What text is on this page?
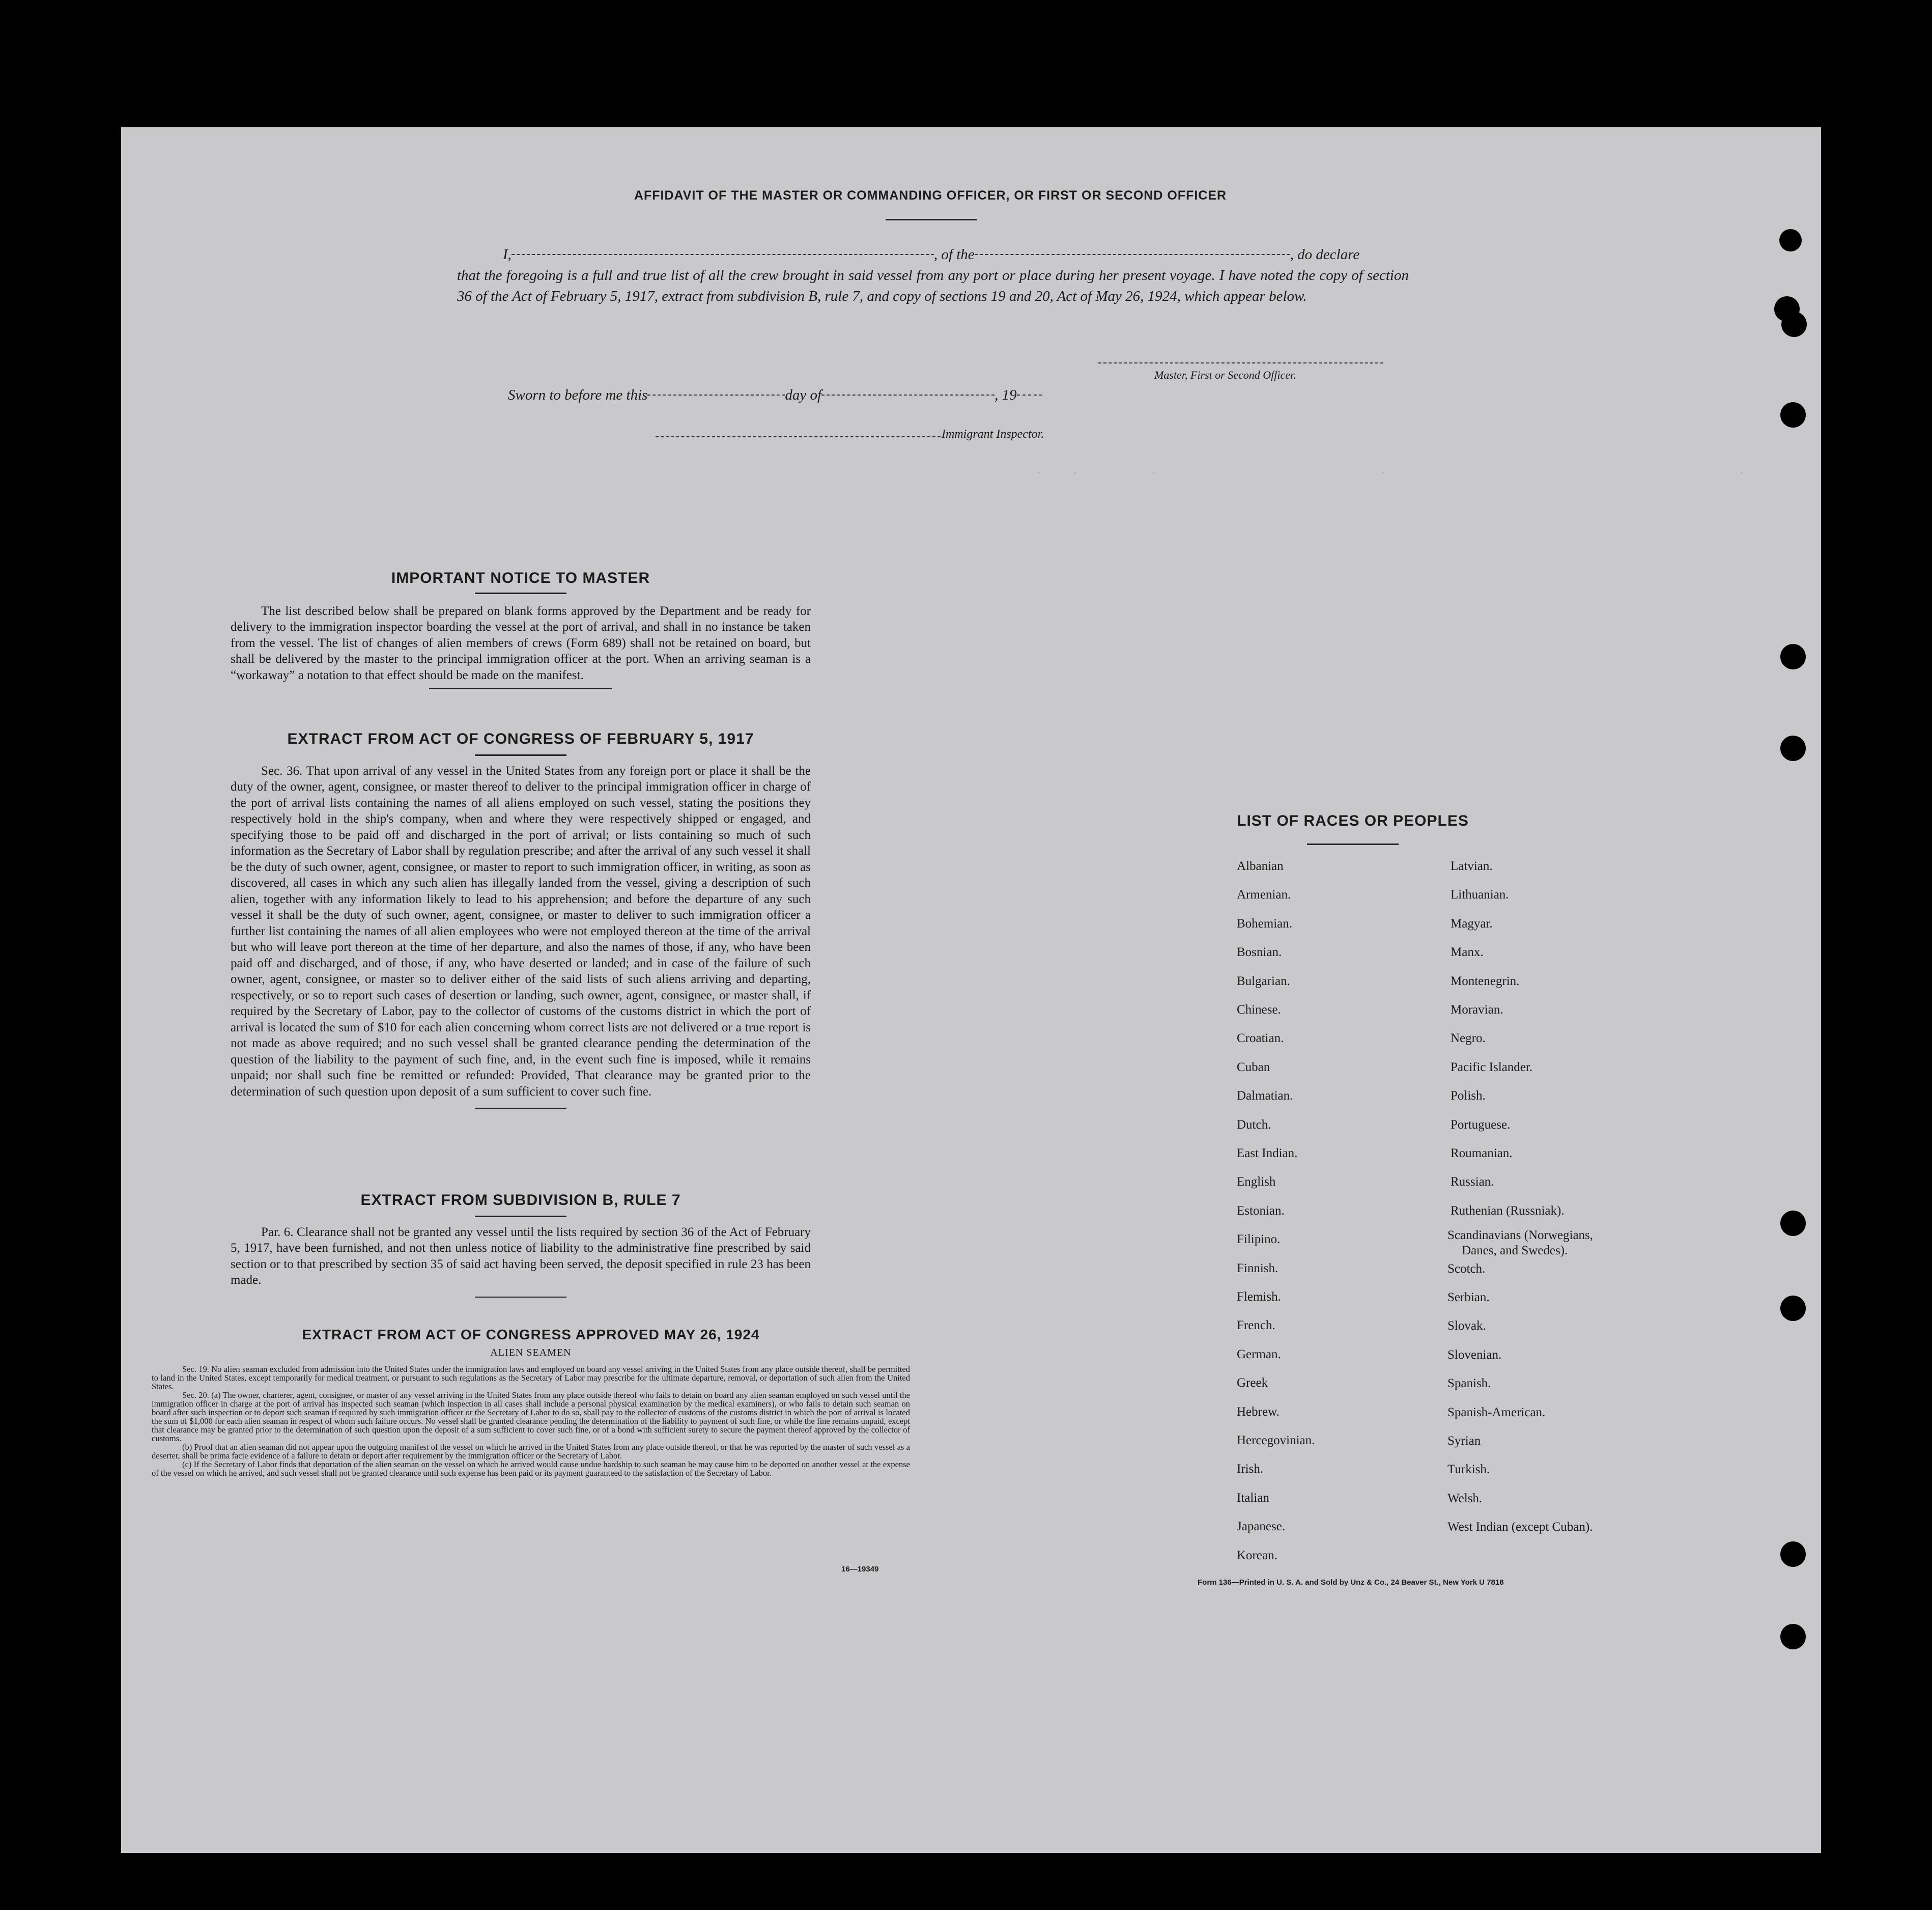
.            .                           .                                                                                 .                                                                                                                               .
AFFIDAVIT OF THE MASTER OR COMMANDING OFFICER, OR FIRST OR SECOND OFFICER
I,	, of the	, do declare
that the foregoing is a full and true list of all the crew brought in said vessel from any port or place during her present voyage. I have noted the copy of section 36 of the Act of February 5, 1917, extract from subdivision B, rule 7, and copy of sections 19 and 20, Act of May 26, 1924, which appear below.
Master, First or Second Officer.
Sworn to before me this	day of	, 19
Immigrant Inspector.
IMPORTANT NOTICE TO MASTER
The list described below shall be prepared on blank forms approved by the Department and be ready for delivery to the immigration inspector boarding the vessel at the port of arrival, and shall in no instance be taken from the vessel. The list of changes of alien members of crews (Form 689) shall not be retained on board, but shall be delivered by the master to the principal immigration officer at the port. When an arriving seaman is a “workaway” a notation to that effect should be made on the manifest.
EXTRACT FROM ACT OF CONGRESS OF FEBRUARY 5, 1917
Sec. 36. That upon arrival of any vessel in the United States from any foreign port or place it shall be the duty of the owner, agent, consignee, or master thereof to deliver to the principal immigration officer in charge of the port of arrival lists containing the names of all aliens employed on such vessel, stating the positions they respectively hold in the ship's company, when and where they were respectively shipped or engaged, and specifying those to be paid off and discharged in the port of arrival; or lists containing so much of such information as the Secretary of Labor shall by regulation prescribe; and after the arrival of any such vessel it shall be the duty of such owner, agent, consignee, or master to report to such immigration officer, in writing, as soon as discovered, all cases in which any such alien has illegally landed from the vessel, giving a description of such alien, together with any information likely to lead to his apprehension; and before the departure of any such vessel it shall be the duty of such owner, agent, consignee, or master to deliver to such immigration officer a further list containing the names of all alien employees who were not employed thereon at the time of the arrival but who will leave port thereon at the time of her departure, and also the names of those, if any, who have been paid off and discharged, and of those, if any, who have deserted or landed; and in case of the failure of such owner, agent, consignee, or master so to deliver either of the said lists of such aliens arriving and departing, respectively, or so to report such cases of desertion or landing, such owner, agent, consignee, or master shall, if required by the Secretary of Labor, pay to the collector of customs of the customs district in which the port of arrival is located the sum of $10 for each alien concerning whom correct lists are not delivered or a true report is not made as above required; and no such vessel shall be granted clearance pending the determination of the question of the liability to the payment of such fine, and, in the event such fine is imposed, while it remains unpaid; nor shall such fine be remitted or refunded: Provided, That clearance may be granted prior to the determination of such question upon deposit of a sum sufficient to cover such fine.
EXTRACT FROM SUBDIVISION B, RULE 7
Par. 6. Clearance shall not be granted any vessel until the lists required by section 36 of the Act of February 5, 1917, have been furnished, and not then unless notice of liability to the administrative fine prescribed by said section or to that prescribed by section 35 of said act having been served, the deposit specified in rule 23 has been made.
EXTRACT FROM ACT OF CONGRESS APPROVED MAY 26, 1924
ALIEN SEAMEN
Sec. 19. No alien seaman excluded from admission into the United States under the immigration laws and employed on board any vessel arriving in the United States from any place outside thereof, shall be permitted to land in the United States, except temporarily for medical treatment, or pursuant to such regulations as the Secretary of Labor may prescribe for the ultimate departure, removal, or deportation of such alien from the United States.
Sec. 20. (a) The owner, charterer, agent, consignee, or master of any vessel arriving in the United States from any place outside thereof who fails to detain on board any alien seaman employed on such vessel until the immigration officer in charge at the port of arrival has inspected such seaman (which inspection in all cases shall include a personal physical examination by the medical examiners), or who fails to detain such seaman on board after such inspection or to deport such seaman if required by such immigration officer or the Secretary of Labor to do so, shall pay to the collector of customs of the customs district in which the port of arrival is located the sum of $1,000 for each alien seaman in respect of whom such failure occurs. No vessel shall be granted clearance pending the determination of the liability to payment of such fine, or while the fine remains unpaid, except that clearance may be granted prior to the determination of such question upon the deposit of a sum sufficient to cover such fine, or of a bond with sufficient surety to secure the payment thereof approved by the collector of customs.
(b) Proof that an alien seaman did not appear upon the outgoing manifest of the vessel on which he arrived in the United States from any place outside thereof, or that he was reported by the master of such vessel as a deserter, shall be prima facie evidence of a failure to detain or deport after requirement by the immigration officer or the Secretary of Labor.
(c) If the Secretary of Labor finds that deportation of the alien seaman on the vessel on which he arrived would cause undue hardship to such seaman he may cause him to be deported on another vessel at the expense of the vessel on which he arrived, and such vessel shall not be granted clearance until such expense has been paid or its payment guaranteed to the satisfaction of the Secretary of Labor.
16—19349
LIST OF RACES OR PEOPLES
Albanian
Armenian.
Bohemian.
Bosnian.
Bulgarian.
Chinese.
Croatian.
Cuban
Dalmatian.
Dutch.
East Indian.
English
Estonian.
Filipino.
Finnish.
Flemish.
French.
German.
Greek
Hebrew.
Hercegovinian.
Irish.
Italian
Japanese.
Korean.
Latvian.
Lithuanian.
Magyar.
Manx.
Montenegrin.
Moravian.
Negro.
Pacific Islander.
Polish.
Portuguese.
Roumanian.
Russian.
Ruthenian (Russniak).
Scandinavians (Norwegians,
Danes, and Swedes).
Scotch.
Serbian.
Slovak.
Slovenian.
Spanish.
Spanish-American.
Syrian
Turkish.
Welsh.
West Indian (except Cuban).
Form 136—Printed in U. S. A. and Sold by Unz & Co., 24 Beaver St., New York U 7818
